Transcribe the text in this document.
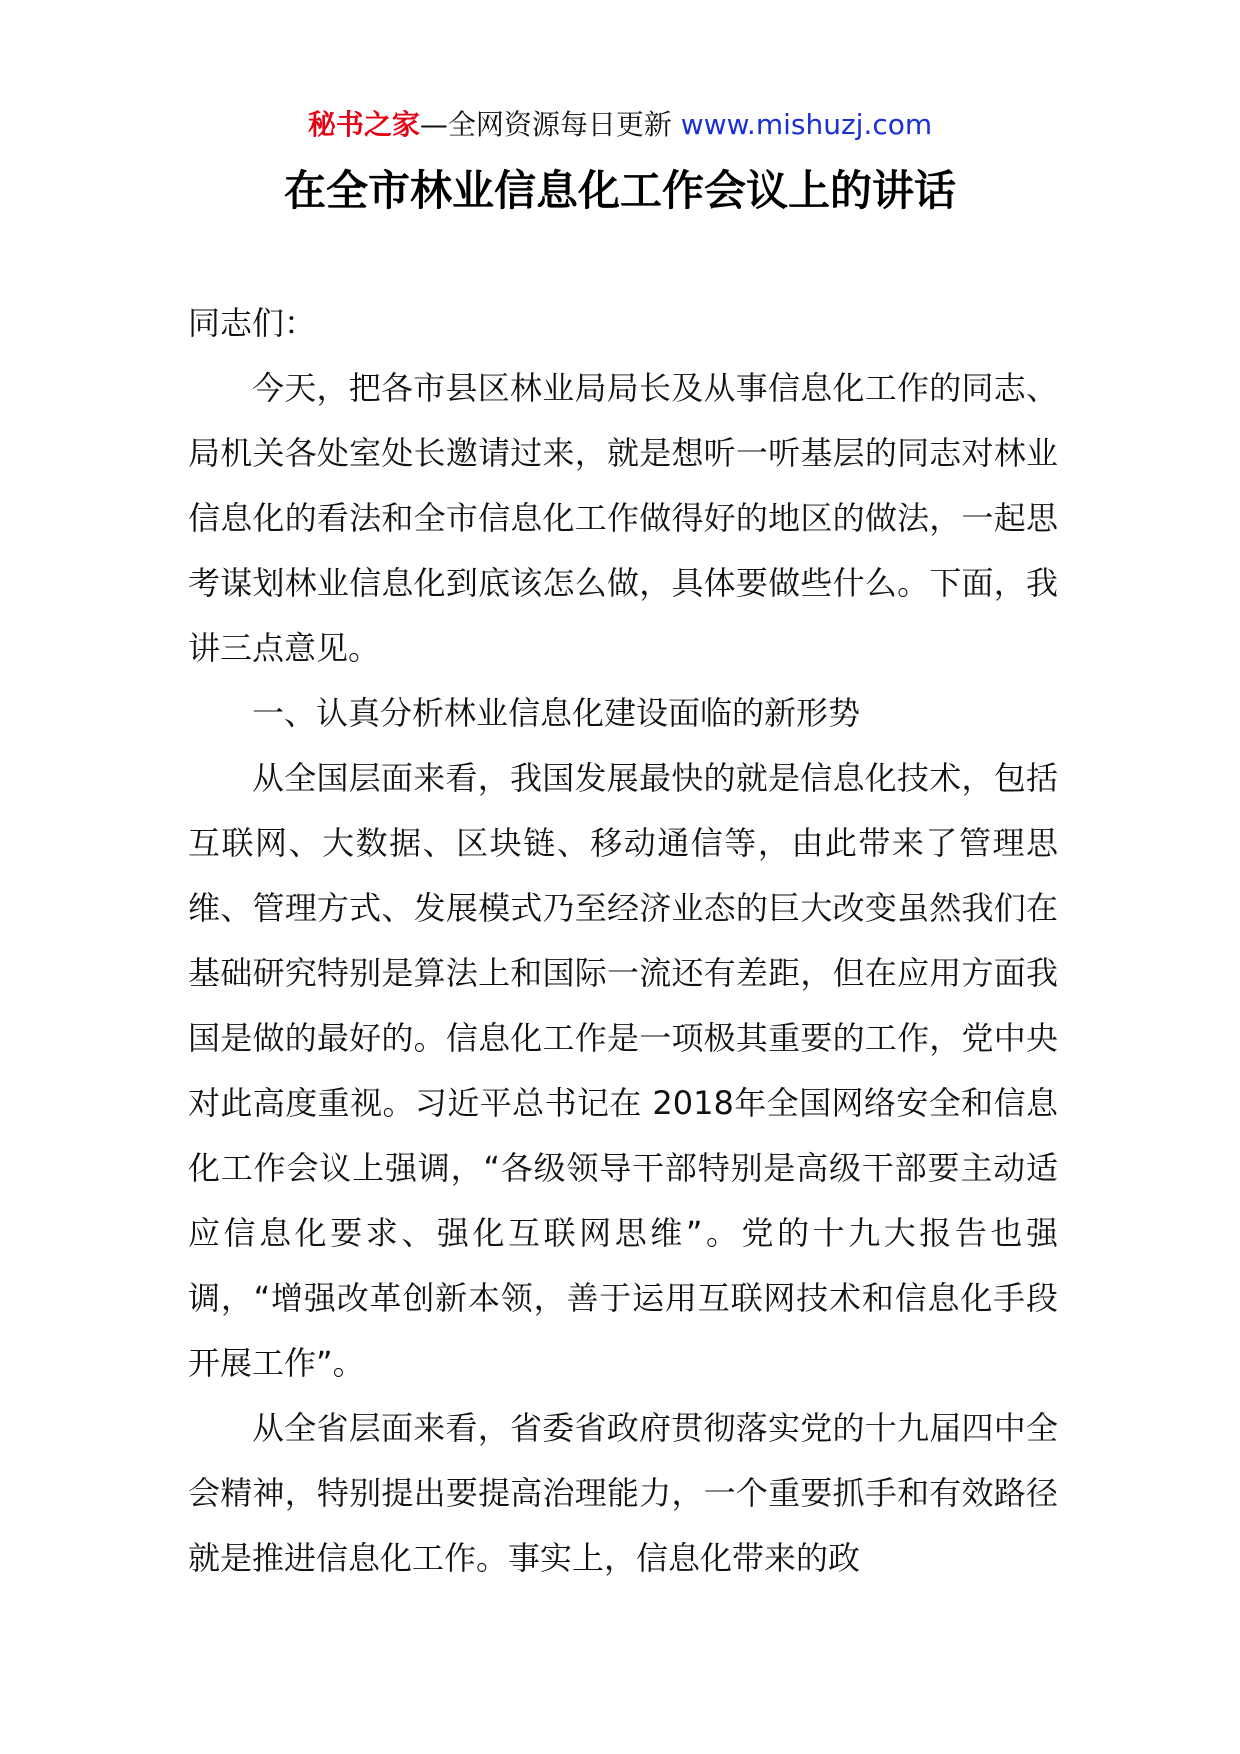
秘书之家—全网资源每日更新 www.mishuzj.com
在全市林业信息化工作会议上的讲话

同志们：

今天，把各市县区林业局局长及从事信息化工作的同志、局机关各处室处长邀请过来，就是想听一听基层的同志对林业信息化的看法和全市信息化工作做得好的地区的做法，一起思考谋划林业信息化到底该怎么做，具体要做些什么。下面，我讲三点意见。

一、认真分析林业信息化建设面临的新形势

从全国层面来看，我国发展最快的就是信息化技术，包括互联网、大数据、区块链、移动通信等，由此带来了管理思维、管理方式、发展模式乃至经济业态的巨大改变虽然我们在基础研究特别是算法上和国际一流还有差距，但在应用方面我国是做的最好的。信息化工作是一项极其重要的工作，党中央对此高度重视。习近平总书记在 2018年全国网络安全和信息化工作会议上强调，“各级领导干部特别是高级干部要主动适应信息化要求、强化互联网思维”。党的十九大报告也强调，“增强改革创新本领，善于运用互联网技术和信息化手段开展工作”。

从全省层面来看，省委省政府贯彻落实党的十九届四中全会精神，特别提出要提高治理能力，一个重要抓手和有效路径就是推进信息化工作。事实上，信息化带来的政
